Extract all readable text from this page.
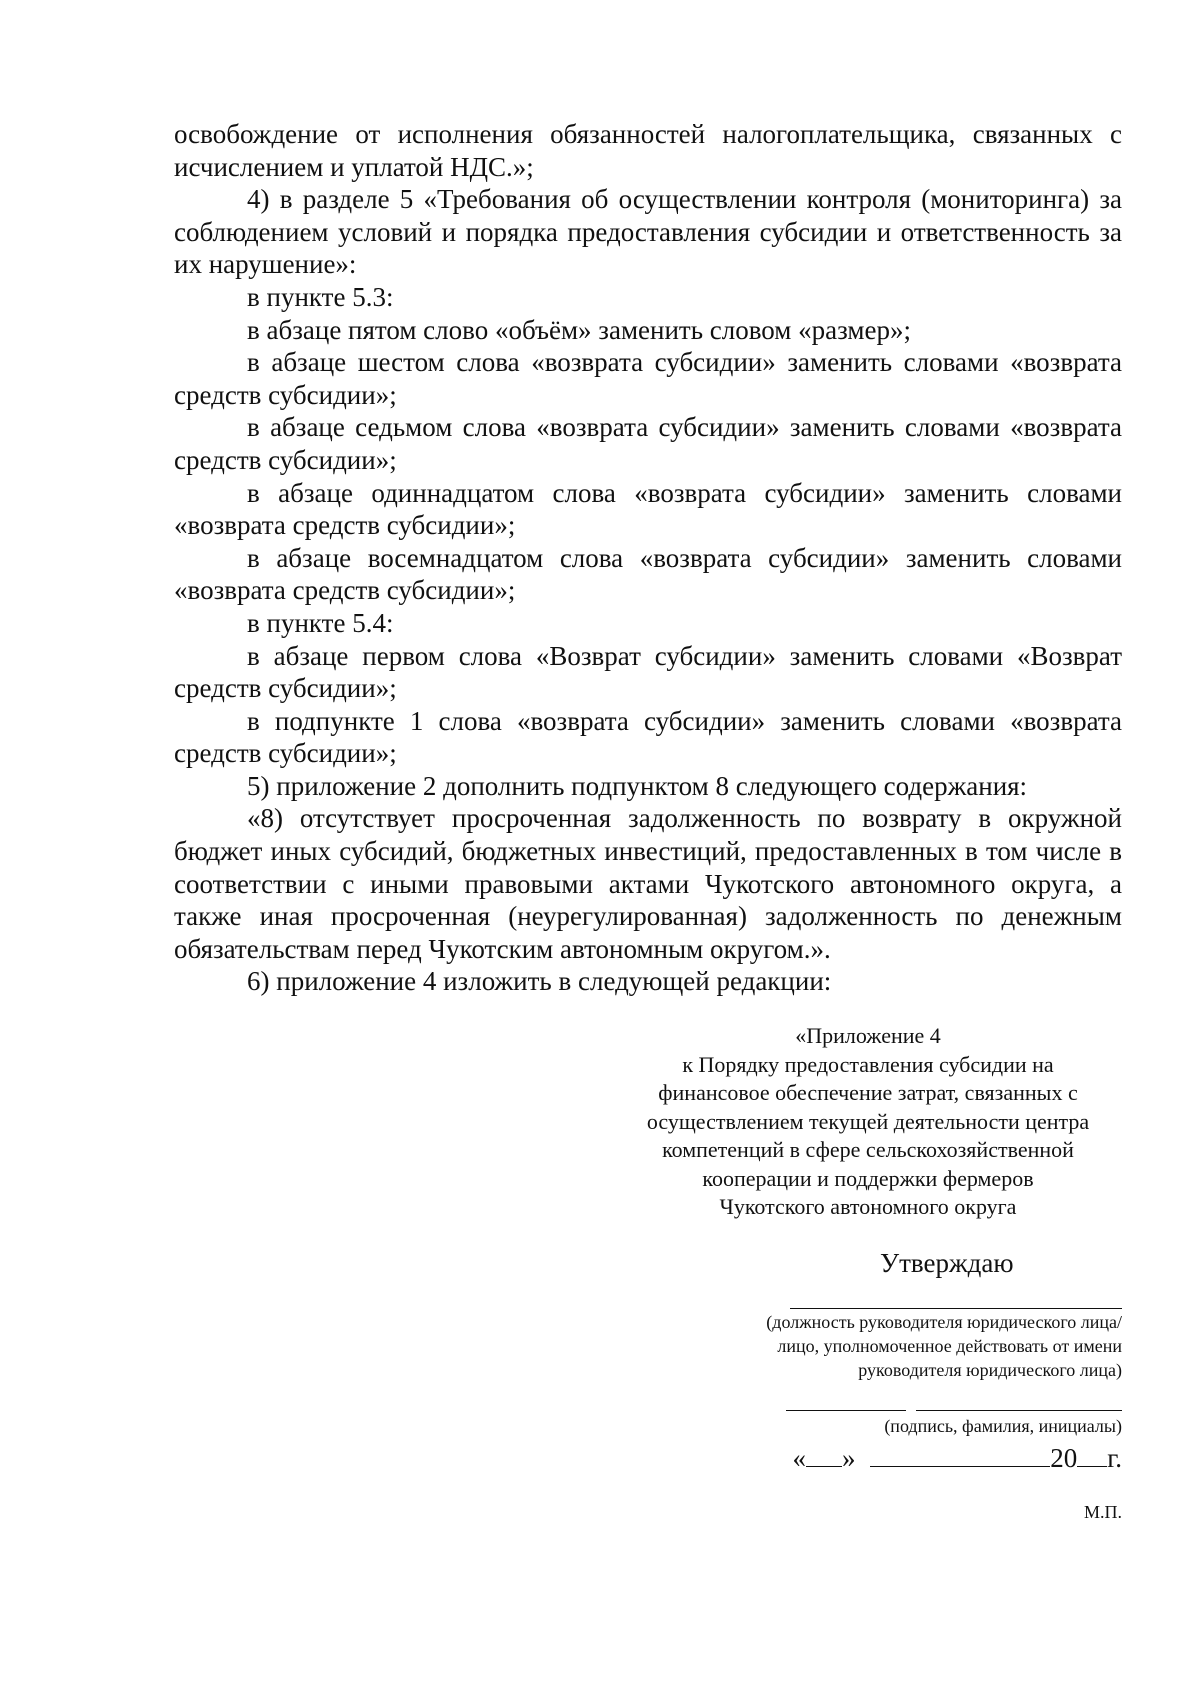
освобождение от исполнения обязанностей налогоплательщика, связанных с исчислением и уплатой НДС.»;

4) в разделе 5 «Требования об осуществлении контроля (мониторинга) за соблюдением условий и порядка предоставления субсидии и ответственность за их нарушение»:

в пункте 5.3:

в абзаце пятом слово «объём» заменить словом «размер»;

в абзаце шестом слова «возврата субсидии» заменить словами «возврата средств субсидии»;

в абзаце седьмом слова «возврата субсидии» заменить словами «возврата средств субсидии»;

в абзаце одиннадцатом слова «возврата субсидии» заменить словами «возврата средств субсидии»;

в абзаце восемнадцатом слова «возврата субсидии» заменить словами «возврата средств субсидии»;

в пункте 5.4:

в абзаце первом слова «Возврат субсидии» заменить словами «Возврат средств субсидии»;

в подпункте 1 слова «возврата субсидии» заменить словами «возврата средств субсидии»;

5) приложение 2 дополнить подпунктом 8 следующего содержания:

«8) отсутствует просроченная задолженность по возврату в окружной бюджет иных субсидий, бюджетных инвестиций, предоставленных в том числе в соответствии с иными правовыми актами Чукотского автономного округа, а также иная просроченная (неурегулированная) задолженность по денежным обязательствам перед Чукотским автономным округом.».

6) приложение 4 изложить в следующей редакции:

«Приложение 4
к Порядку предоставления субсидии на
финансовое обеспечение затрат, связанных с
осуществлением текущей деятельности центра
компетенций в сфере сельскохозяйственной
кооперации и поддержки фермеров
Чукотского автономного округа
Утверждаю
(должность руководителя юридического лица/
лицо, уполномоченное действовать от имени
руководителя юридического лица)
(подпись, фамилия, инициалы)
« »	20 г.
М.П.
